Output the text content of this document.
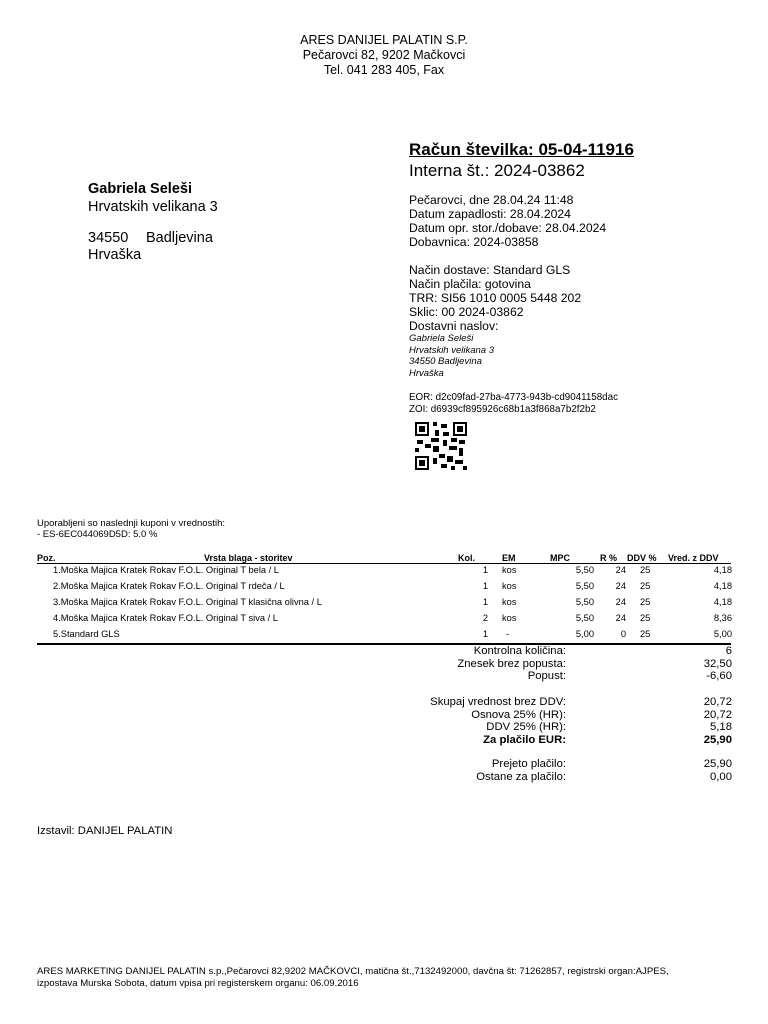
ARES DANIJEL PALATIN S.P.
Pečarovci 82, 9202 Mačkovci
Tel. 041 283 405, Fax
Račun številka: 05-04-11916
Interna št.: 2024-03862
Gabriela Seleši
Hrvatskih velikana 3
34550 Badljevina
Hrvaška
Pečarovci, dne 28.04.24 11:48
Datum zapadlosti: 28.04.2024
Datum opr. stor./dobave: 28.04.2024
Dobavnica: 2024-03858
Način dostave: Standard GLS
Način plačila: gotovina
TRR: SI56 1010 0005 5448 202
Sklic: 00 2024-03862
Dostavni naslov:
Gabriela Seleši
Hrvatskih velikana 3
34550 Badljevina
Hrvaška
EOR: d2c09fad-27ba-4773-943b-cd9041158dac
ZOI: d6939cf895926c68b1a3f868a7b2f2b2
Uporabljeni so naslednji kuponi v vrednostih:
- ES-6EC044069D5D: 5.0 %
Poz.	Vrsta blaga - storitev	Kol.	EM	MPC	R % DDV % Vred. z DDV
1.Moška Majica Kratek Rokav F.O.L. Original T bela / L	1 kos	5,50	24 25	4,18
2.Moška Majica Kratek Rokav F.O.L. Original T rdeča / L	1 kos	5,50	24 25	4,18
3.Moška Majica Kratek Rokav F.O.L. Original T klasična olivna / L	1 kos	5,50	24 25	4,18
4.Moška Majica Kratek Rokav F.O.L. Original T siva / L	2 kos	5,50	24 25	8,36
5.Standard GLS	1 -	5,00	0 25	5,00
Kontrolna količina:	6
Znesek brez popusta:	32,50
Popust:	-6,60
Skupaj vrednost brez DDV:	20,72
Osnova 25% (HR):	20,72
DDV 25% (HR):	5,18
Za plačilo EUR:	25,90
Prejeto plačilo:	25,90
Ostane za plačilo:	0,00
Izstavil: DANIJEL PALATIN
ARES MARKETING DANIJEL PALATIN s.p.,Pečarovci 82,9202 MAČKOVCI, matična št.,7132492000, davčna št: 71262857, registrski organ:AJPES,
izpostava Murska Sobota, datum vpisa pri registerskem organu: 06.09.2016
